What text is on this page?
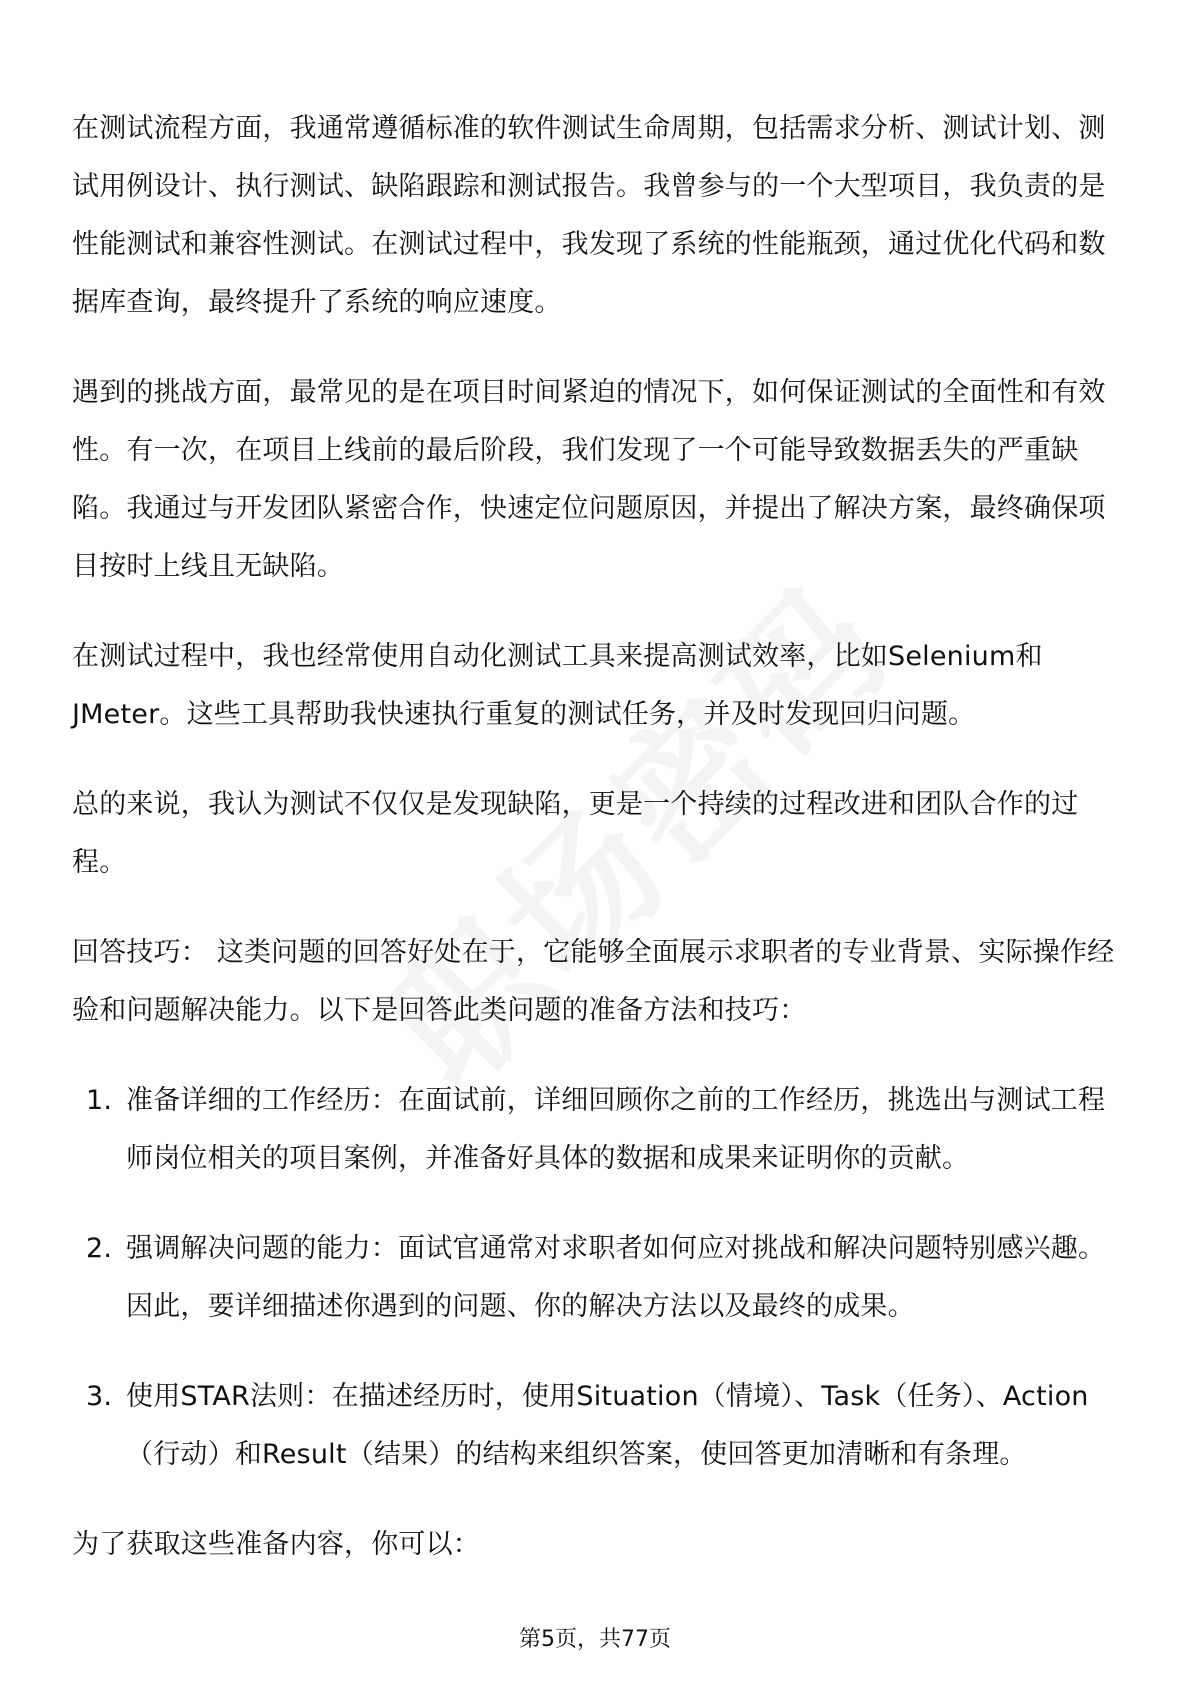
在测试流程方面，我通常遵循标准的软件测试生命周期，包括需求分析、测试计划、测试用例设计、执行测试、缺陷跟踪和测试报告。我曾参与的一个大型项目，我负责的是性能测试和兼容性测试。在测试过程中，我发现了系统的性能瓶颈，通过优化代码和数据库查询，最终提升了系统的响应速度。

遇到的挑战方面，最常见的是在项目时间紧迫的情况下，如何保证测试的全面性和有效性。有一次，在项目上线前的最后阶段，我们发现了一个可能导致数据丢失的严重缺陷。我通过与开发团队紧密合作，快速定位问题原因，并提出了解决方案，最终确保项目按时上线且无缺陷。

在测试过程中，我也经常使用自动化测试工具来提高测试效率，比如Selenium和JMeter。这些工具帮助我快速执行重复的测试任务，并及时发现回归问题。

总的来说，我认为测试不仅仅是发现缺陷，更是一个持续的过程改进和团队合作的过程。

回答技巧： 这类问题的回答好处在于，它能够全面展示求职者的专业背景、实际操作经验和问题解决能力。以下是回答此类问题的准备方法和技巧：

1. 准备详细的工作经历：在面试前，详细回顾你之前的工作经历，挑选出与测试工程师岗位相关的项目案例，并准备好具体的数据和成果来证明你的贡献。
2. 强调解决问题的能力：面试官通常对求职者如何应对挑战和解决问题特别感兴趣。因此，要详细描述你遇到的问题、你的解决方法以及最终的成果。
3. 使用STAR法则：在描述经历时，使用Situation（情境）、Task（任务）、Action（行动）和Result（结果）的结构来组织答案，使回答更加清晰和有条理。

为了获取这些准备内容，你可以：

第5页，共77页
